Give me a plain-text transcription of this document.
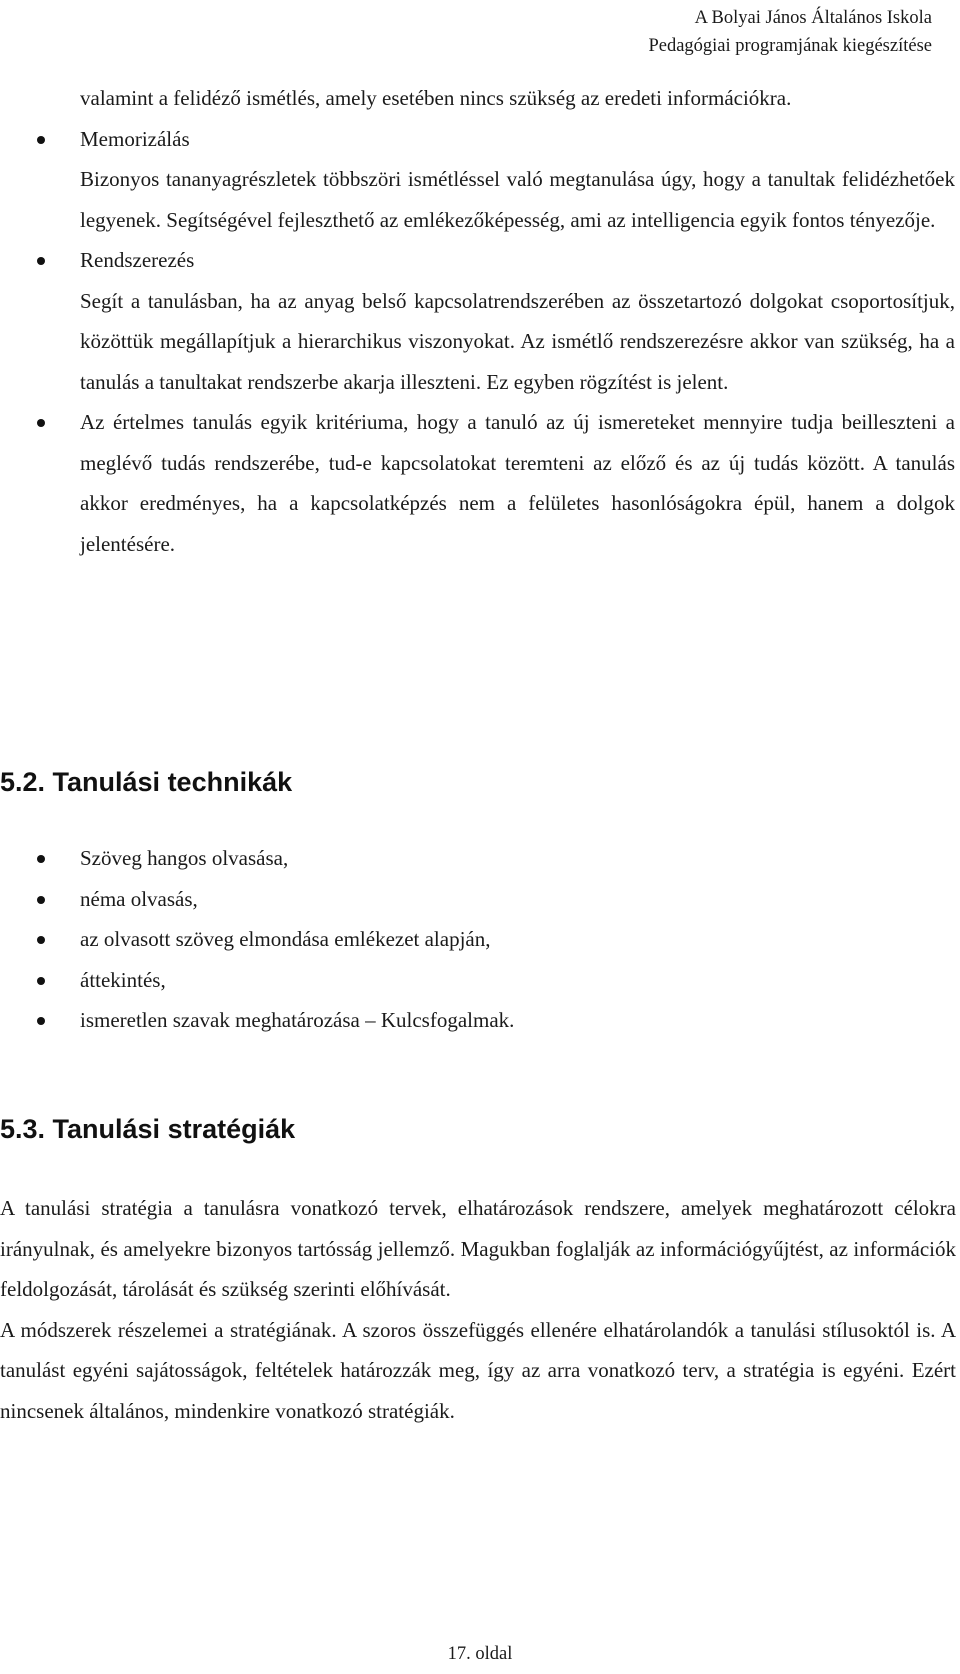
A Bolyai János Általános Iskola
Pedagógiai programjának kiegészítése

valamint a felidéző ismétlés, amely esetében nincs szükség az eredeti információkra.

Memorizálás

Bizonyos tananyagrészletek többszöri ismétléssel való megtanulása úgy, hogy a tanultak felidézhetőek legyenek. Segítségével fejleszthető az emlékezőképesség, ami az intelligencia egyik fontos tényezője.

Rendszerezés

Segít a tanulásban, ha az anyag belső kapcsolatrendszerében az összetartozó dolgokat csoportosítjuk, közöttük megállapítjuk a hierarchikus viszonyokat. Az ismétlő rendszerezésre akkor van szükség, ha a tanulás a tanultakat rendszerbe akarja illeszteni. Ez egyben rögzítést is jelent.

Az értelmes tanulás egyik kritériuma, hogy a tanuló az új ismereteket mennyire tudja beilleszteni a meglévő tudás rendszerébe, tud-e kapcsolatokat teremteni az előző és az új tudás között. A tanulás akkor eredményes, ha a kapcsolatképzés nem a felületes hasonlóságokra épül, hanem a dolgok jelentésére.

5.2. Tanulási technikák

Szöveg hangos olvasása,

néma olvasás,

az olvasott szöveg elmondása emlékezet alapján,

áttekintés,

ismeretlen szavak meghatározása – Kulcsfogalmak.

5.3. Tanulási stratégiák

A tanulási stratégia a tanulásra vonatkozó tervek, elhatározások rendszere, amelyek meghatározott célokra irányulnak, és amelyekre bizonyos tartósság jellemző. Magukban foglalják az információgyűjtést, az információk feldolgozását, tárolását és szükség szerinti előhívását.

A módszerek részelemei a stratégiának. A szoros összefüggés ellenére elhatárolandók a tanulási stílusoktól is. A tanulást egyéni sajátosságok, feltételek határozzák meg, így az arra vonatkozó terv, a stratégia is egyéni. Ezért nincsenek általános, mindenkire vonatkozó stratégiák.

17. oldal
